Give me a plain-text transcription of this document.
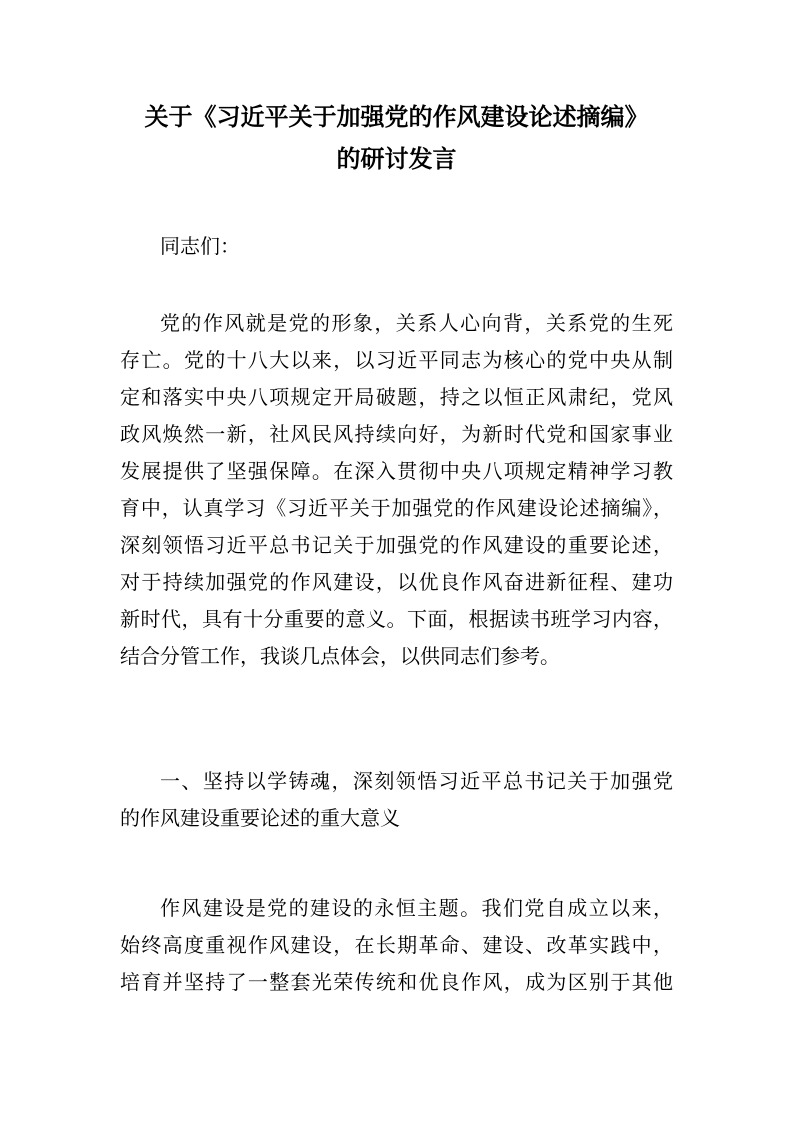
关于《习近平关于加强党的作风建设论述摘编》
的研讨发言

同志们：

党的作风就是党的形象，关系人心向背，关系党的生死
存亡。党的十八大以来，以习近平同志为核心的党中央从制
定和落实中央八项规定开局破题，持之以恒正风肃纪，党风
政风焕然一新，社风民风持续向好，为新时代党和国家事业
发展提供了坚强保障。在深入贯彻中央八项规定精神学习教
育中，认真学习《习近平关于加强党的作风建设论述摘编》，
深刻领悟习近平总书记关于加强党的作风建设的重要论述，
对于持续加强党的作风建设，以优良作风奋进新征程、建功
新时代，具有十分重要的意义。下面，根据读书班学习内容，
结合分管工作，我谈几点体会，以供同志们参考。

一、坚持以学铸魂，深刻领悟习近平总书记关于加强党
的作风建设重要论述的重大意义

作风建设是党的建设的永恒主题。我们党自成立以来，
始终高度重视作风建设，在长期革命、建设、改革实践中，
培育并坚持了一整套光荣传统和优良作风，成为区别于其他
